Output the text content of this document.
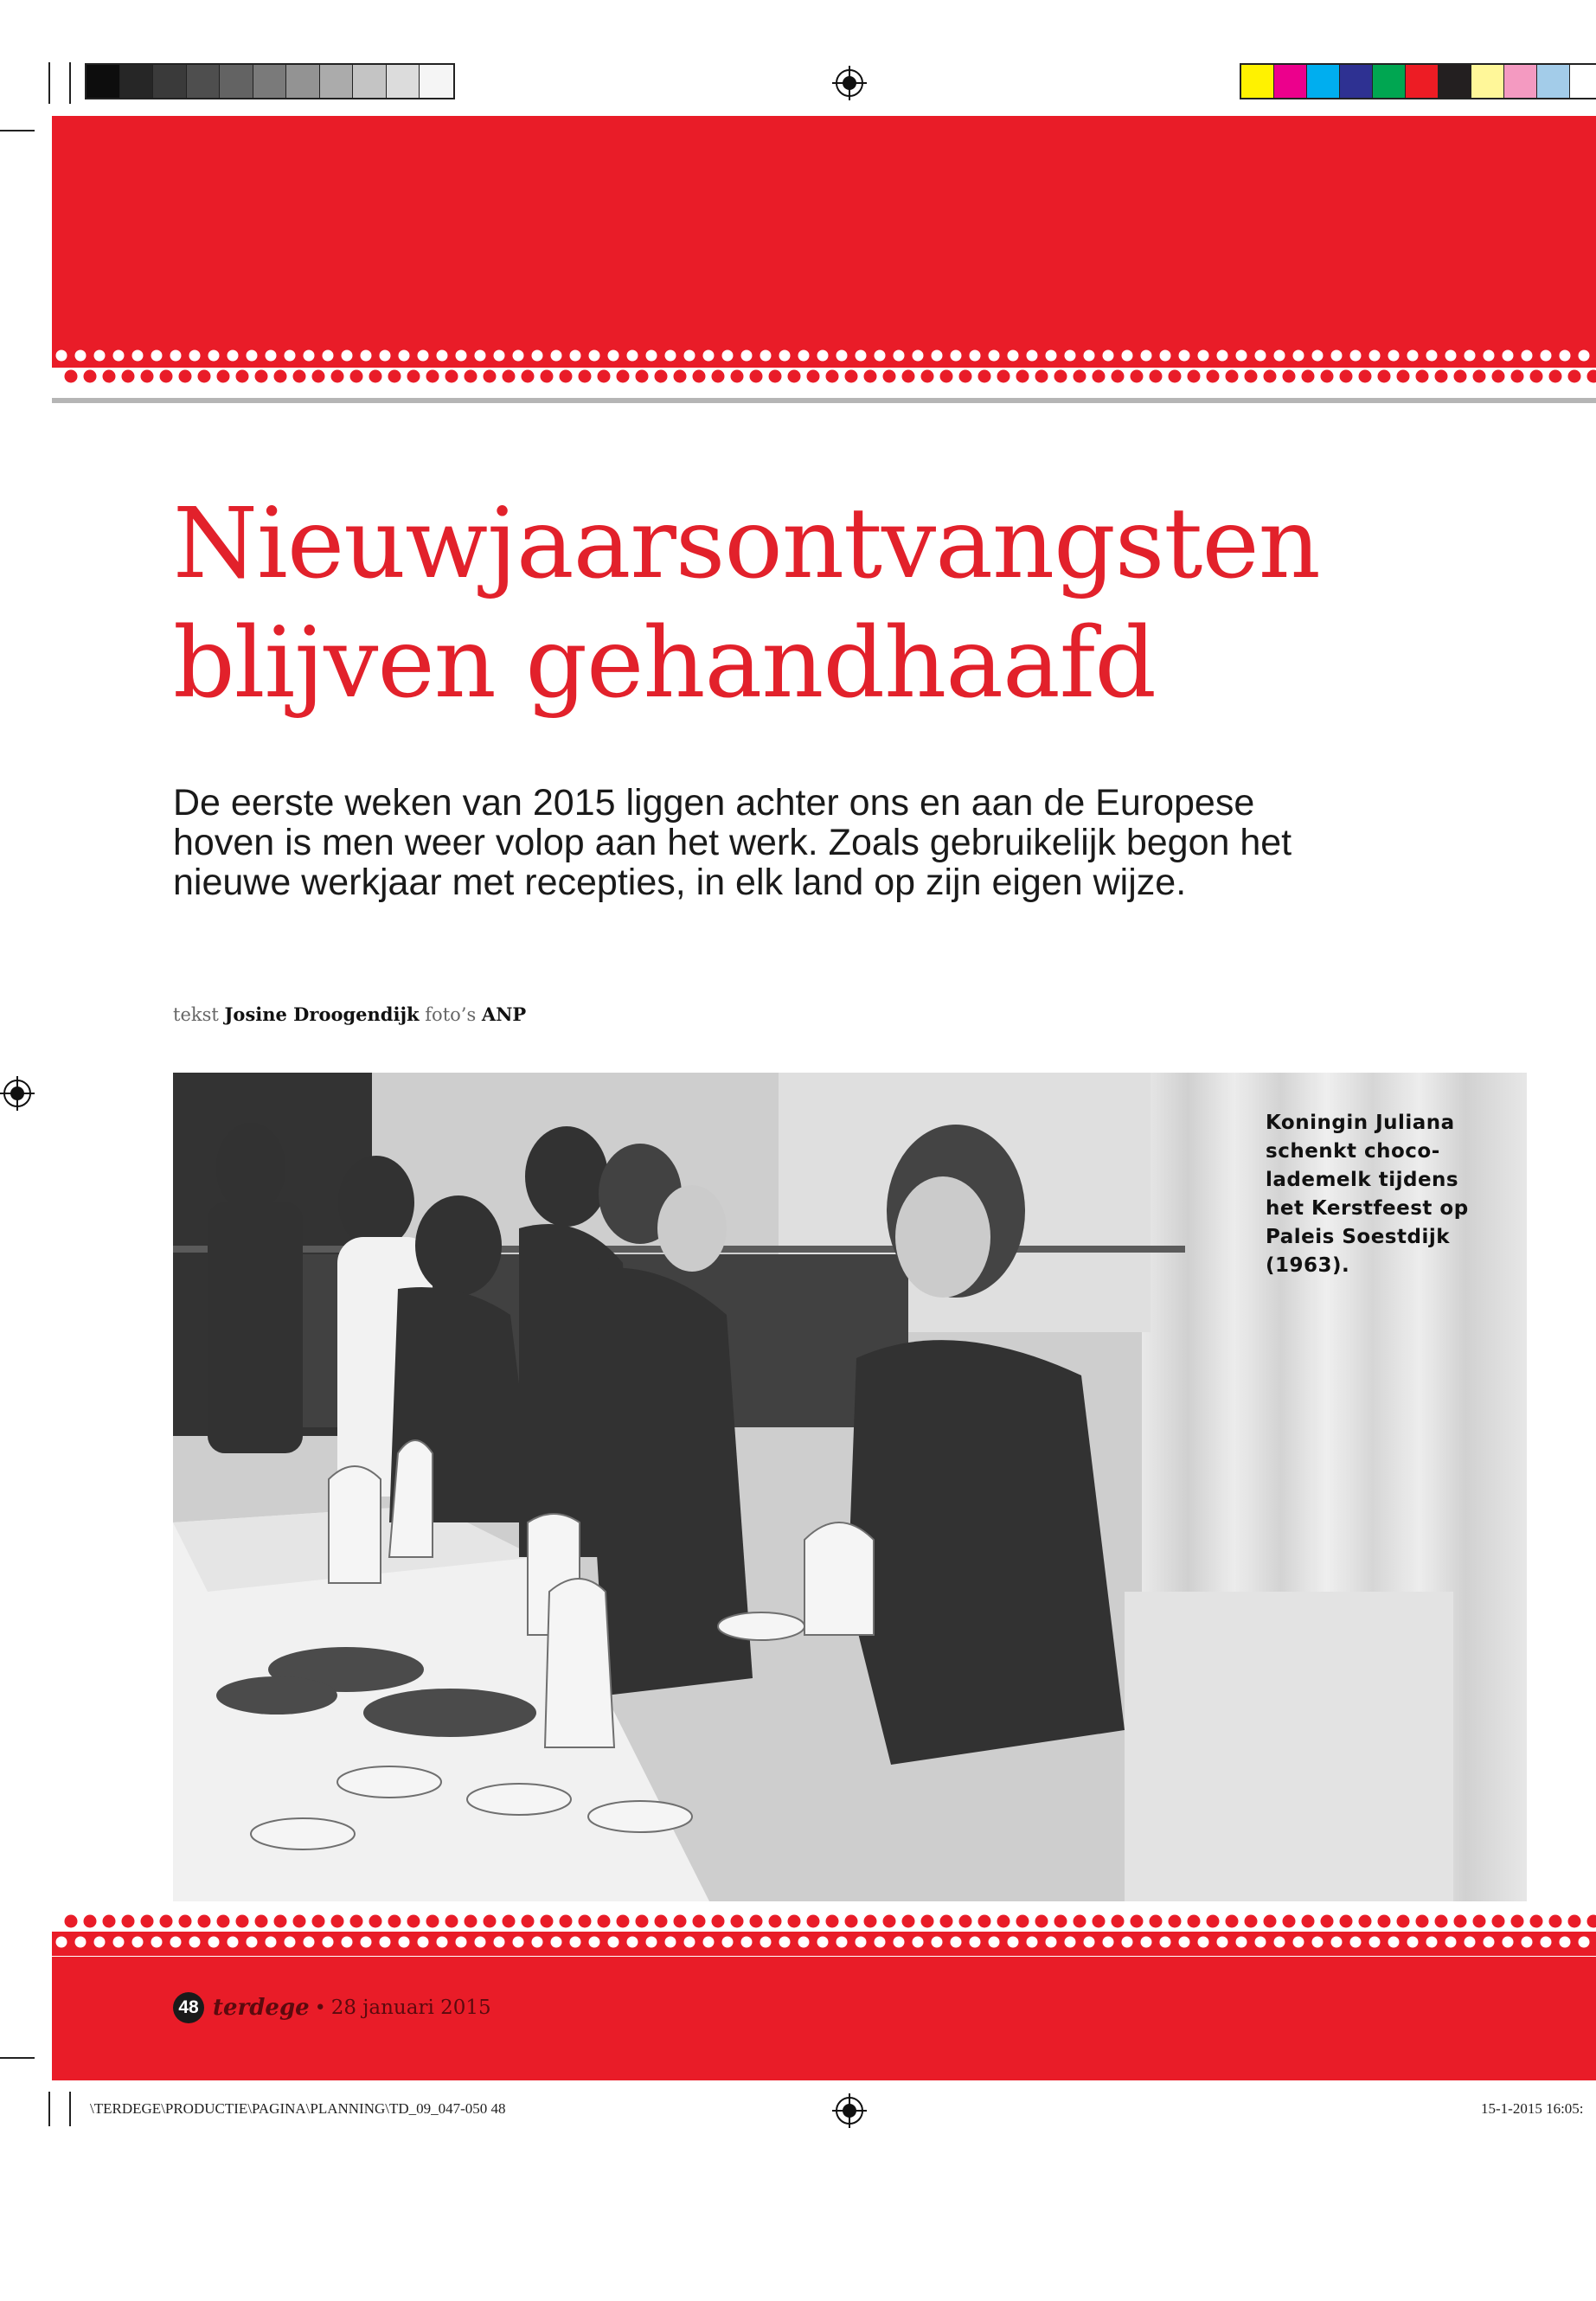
Nieuwjaarsontvangsten
blijven gehandhaafd

De eerste weken van 2015 liggen achter ons en aan de Europese hoven is men weer volop aan het werk. Zoals gebruikelijk begon het nieuwe werkjaar met recepties, in elk land op zijn eigen wijze.

tekst Josine Droogendijk foto’s ANP

Koningin Juliana schenkt choco-lademelk tijdens het Kerstfeest op Paleis Soestdijk (1963).

48 terdege • 28 januari 2015
\TERDEGE\PRODUCTIE\PAGINA\PLANNING\TD_09_047-050 48	15-1-2015 16:05:
